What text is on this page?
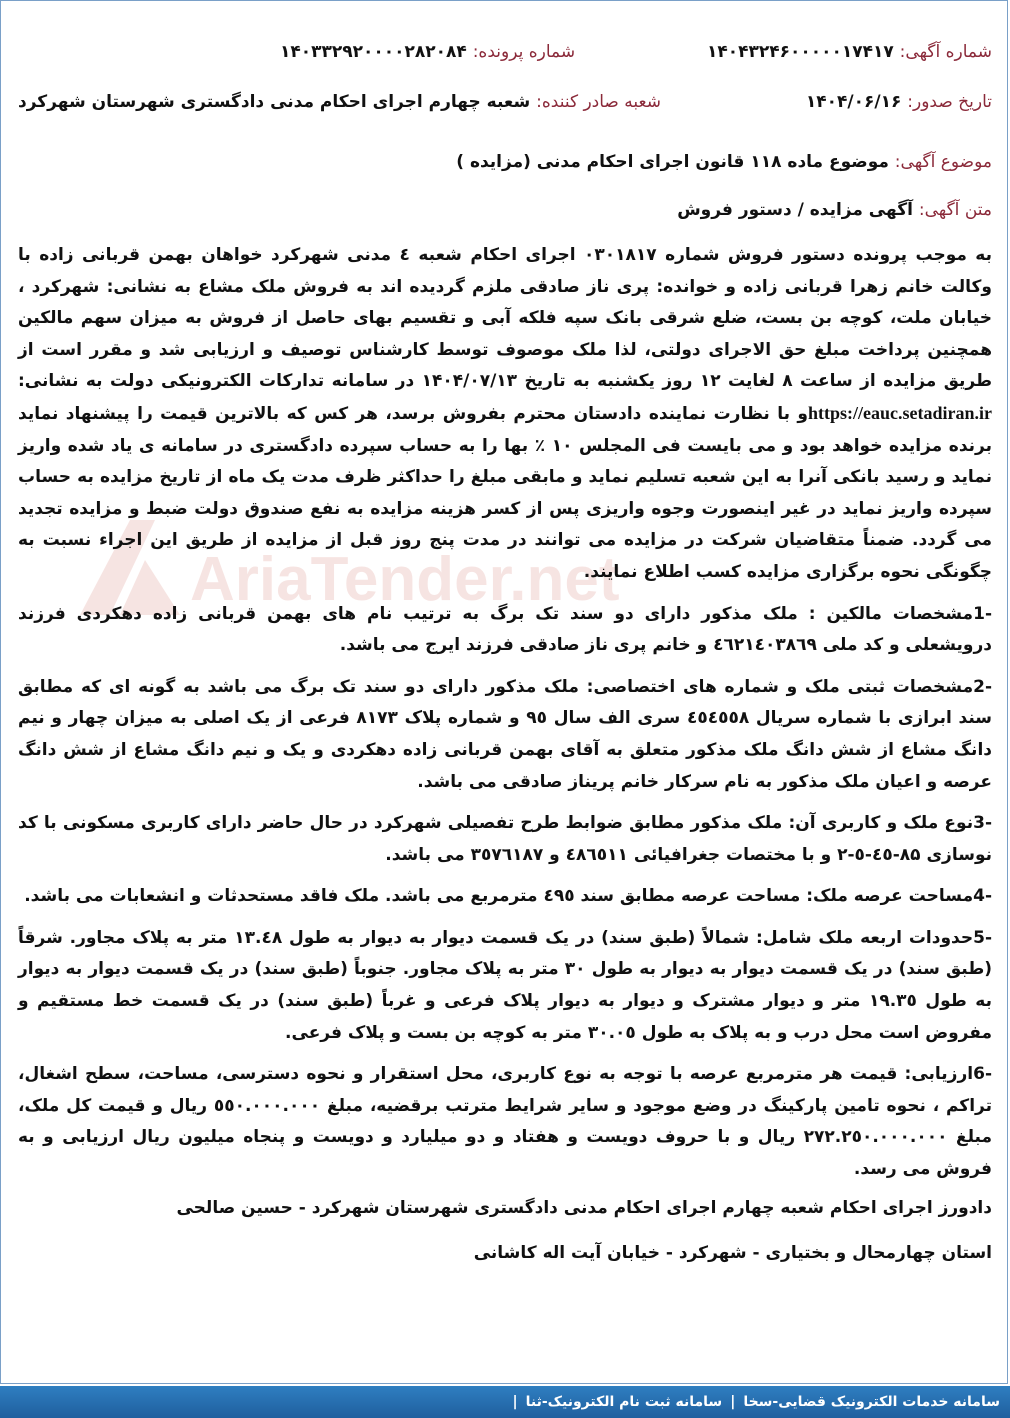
شماره آگهی: ۱۴۰۴۳۲۴۶۰۰۰۰۰۱۷۴۱۷
شماره پرونده: ۱۴۰۳۳۲۹۲۰۰۰۰۲۸۲۰۸۴
تاریخ صدور: ۱۴۰۴/۰۶/۱۶
شعبه صادر کننده: شعبه چهارم اجرای احکام مدنی دادگستری شهرستان شهرکرد
موضوع آگهی: موضوع ماده ۱۱۸ قانون اجرای احکام مدنی (مزایده )
متن آگهی: آگهی مزایده / دستور فروش

به موجب پرونده دستور فروش شماره ۰۳۰۱۸۱۷ اجرای احکام شعبه ٤ مدنی شهرکرد خواهان بهمن قربانی زاده با وکالت خانم زهرا قربانی زاده و خوانده: پری ناز صادقی ملزم گردیده اند به فروش ملک مشاع به نشانی: شهرکرد ، خیابان ملت، کوچه بن بست، ضلع شرقی بانک سپه فلکه آبی و تقسیم بهای حاصل از فروش به میزان سهم مالکین همچنین پرداخت مبلغ حق الاجرای دولتی، لذا ملک موصوف توسط کارشناس توصیف و ارزیابی شد و مقرر است از طریق مزایده از ساعت ۸ لغایت ۱۲ روز یکشنبه به تاریخ ۱۴۰۴/۰۷/۱۳ در سامانه تدارکات الکترونیکی دولت به نشانی: https://eauc.setadiran.irو با نظارت نماینده دادستان محترم بفروش برسد، هر کس که بالاترین قیمت را پیشنهاد نماید برنده مزایده خواهد بود و می بایست فی المجلس ١٠ ٪ بها را به حساب سپرده دادگستری در سامانه ی یاد شده واریز نماید و رسید بانکی آنرا به این شعبه تسلیم نماید و مابقی مبلغ را حداکثر ظرف مدت یک ماه از تاریخ مزایده به حساب سپرده واریز نماید در غیر اینصورت وجوه واریزی پس از کسر هزینه مزایده به نفع صندوق دولت ضبط و مزایده تجدید می گردد. ضمناً متقاضیان شرکت در مزایده می توانند در مدت پنج روز قبل از مزایده از طریق این اجراء نسبت به چگونگی نحوه برگزاری مزایده کسب اطلاع نمایند.

-1مشخصات مالکین : ملک مذکور دارای دو سند تک برگ به ترتیب نام های بهمن قربانی زاده دهکردی فرزند درویشعلی و کد ملی ٤٦٢١٤٠٣٨٦٩ و خانم پری ناز صادقی فرزند ایرج می باشد.

-2مشخصات ثبتی ملک و شماره های اختصاصی: ملک مذکور دارای دو سند تک برگ می باشد به گونه ای که مطابق سند ابرازی با شماره سریال ٤٥٤٥٥٨ سری الف سال ٩٥ و شماره پلاک ۸۱۷۳ فرعی از یک اصلی به میزان چهار و نیم دانگ مشاع از شش دانگ ملک مذکور متعلق به آقای بهمن قربانی زاده دهکردی و یک و نیم دانگ مشاع از شش دانگ عرصه و اعیان ملک مذکور به نام سرکار خانم پریناز صادقی می باشد.

-3نوع ملک و کاربری آن: ملک مذکور مطابق ضوابط طرح تفصیلی شهرکرد در حال حاضر دارای کاربری مسکونی با کد نوسازی ۸۵-٤٥-٥-٢ و با مختصات جغرافیائی ٤٨٦٥١١ و ٣٥٧٦١٨٧ می باشد.

-4مساحت عرصه ملک: مساحت عرصه مطابق سند ٤٩٥ مترمربع می باشد. ملک فاقد مستحدثات و انشعابات می باشد.

-5حدودات اربعه ملک شامل: شمالاً (طبق سند) در یک قسمت دیوار به دیوار به طول ١٣.٤٨ متر به پلاک مجاور. شرقاً (طبق سند) در یک قسمت دیوار به دیوار به طول ٣٠ متر به پلاک مجاور. جنوباً (طبق سند) در یک قسمت دیوار به دیوار به طول ١٩.٣٥ متر و دیوار مشترک و دیوار به دیوار پلاک فرعی و غرباً (طبق سند) در یک قسمت خط مستقیم و مفروض است محل درب و به پلاک به طول ٣٠.٠٥ متر به کوچه بن بست و پلاک فرعی.

-6ارزیابی: قیمت هر مترمربع عرصه با توجه به نوع کاربری، محل استقرار و نحوه دسترسی، مساحت، سطح اشغال، تراکم ، نحوه تامین پارکینگ در وضع موجود و سایر شرایط مترتب برقضیه، مبلغ ٥٥٠.٠٠٠.٠٠٠ ریال و قیمت کل ملک، مبلغ ٢٧٢.٢٥٠.٠٠٠.٠٠٠ ریال و با حروف دویست و هفتاد و دو میلیارد و دویست و پنجاه میلیون ریال ارزیابی و به فروش می رسد.

دادورز اجرای احکام شعبه چهارم اجرای احکام مدنی دادگستری شهرستان شهرکرد - حسین صالحی
استان چهارمحال و بختیاری - شهرکرد - خیابان آیت اله کاشانی
سامانه خدمات الکترونیک قضایی-سخا
|
سامانه ثبت نام الکترونیک-ثنا
|
